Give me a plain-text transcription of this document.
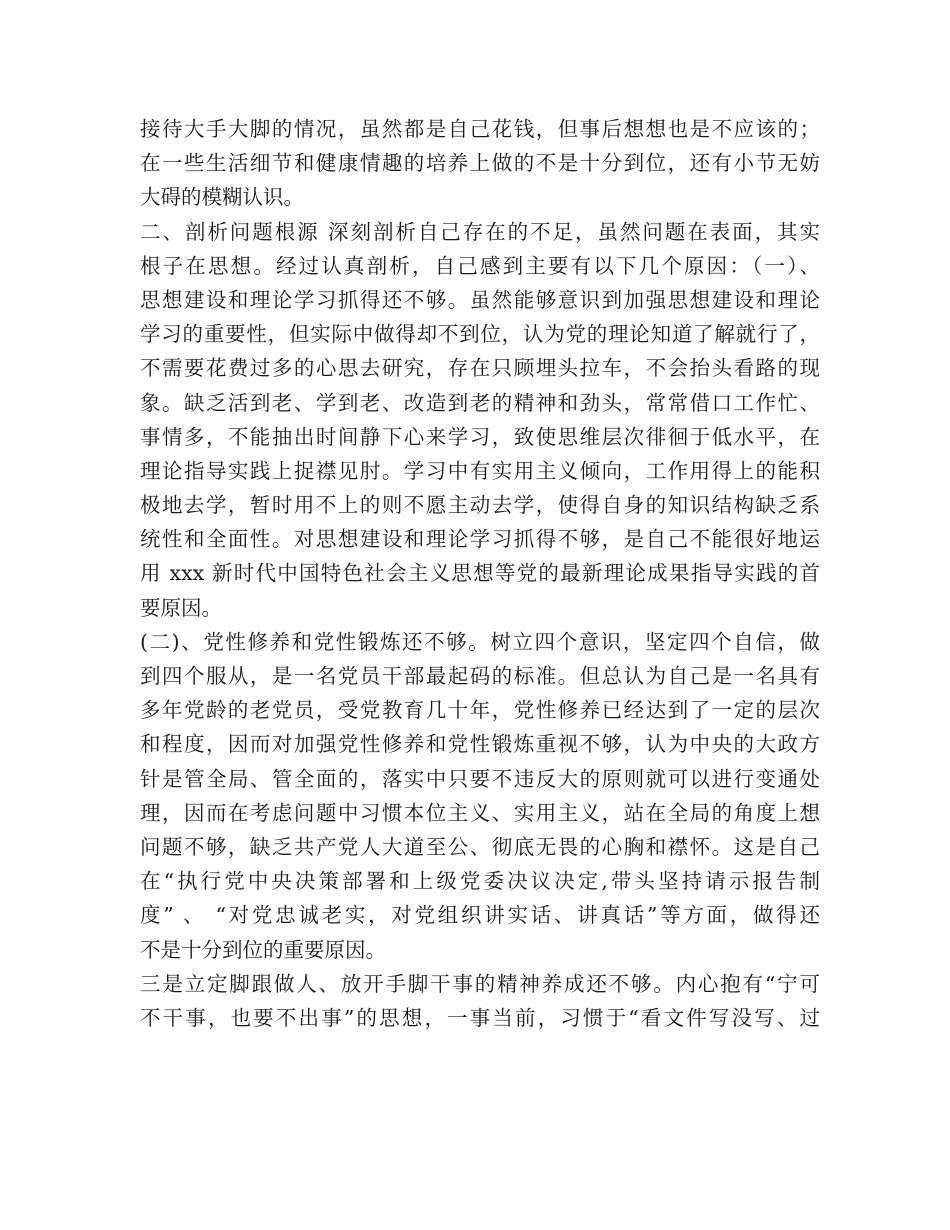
接待大手大脚的情况，虽然都是自己花钱，但事后想想也是不应该的；
在一些生活细节和健康情趣的培养上做的不是十分到位，还有小节无妨
大碍的模糊认识。
二、剖析问题根源 深刻剖析自己存在的不足，虽然问题在表面，其实
根子在思想。经过认真剖析，自己感到主要有以下几个原因：（一）、
思想建设和理论学习抓得还不够。虽然能够意识到加强思想建设和理论
学习的重要性，但实际中做得却不到位，认为党的理论知道了解就行了，
不需要花费过多的心思去研究，存在只顾埋头拉车，不会抬头看路的现
象。缺乏活到老、学到老、改造到老的精神和劲头，常常借口工作忙、
事情多，不能抽出时间静下心来学习，致使思维层次徘徊于低水平，在
理论指导实践上捉襟见肘。学习中有实用主义倾向，工作用得上的能积
极地去学，暂时用不上的则不愿主动去学，使得自身的知识结构缺乏系
统性和全面性。对思想建设和理论学习抓得不够，是自己不能很好地运
用 xxx 新时代中国特色社会主义思想等党的最新理论成果指导实践的首
要原因。
(二)、党性修养和党性锻炼还不够。树立四个意识，坚定四个自信，做
到四个服从，是一名党员干部最起码的标准。但总认为自己是一名具有
多年党龄的老党员，受党教育几十年，党性修养已经达到了一定的层次
和程度，因而对加强党性修养和党性锻炼重视不够，认为中央的大政方
针是管全局、管全面的，落实中只要不违反大的原则就可以进行变通处
理，因而在考虑问题中习惯本位主义、实用主义，站在全局的角度上想
问题不够，缺乏共产党人大道至公、彻底无畏的心胸和襟怀。这是自己
在“执行党中央决策部署和上级党委决议决定,带头坚持请示报告制
度” 、 “对党忠诚老实，对党组织讲实话、讲真话”等方面，做得还
不是十分到位的重要原因。
三是立定脚跟做人、放开手脚干事的精神养成还不够。内心抱有“宁可
不干事，也要不出事”的思想，一事当前，习惯于“看文件写没写、过
